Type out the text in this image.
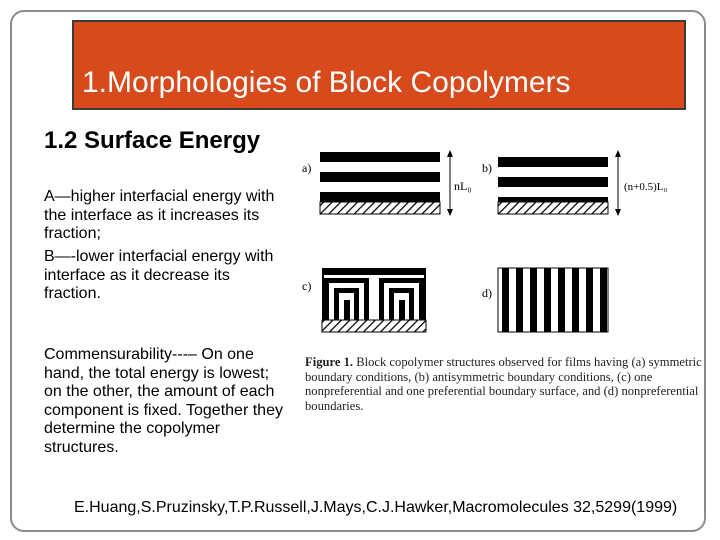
1.Morphologies of Block Copolymers
1.2 Surface Energy
A—higher interfacial energy with the interface as it increases its fraction;
B—-lower interfacial energy with interface as it decrease its fraction.
Commensurability---– On one hand, the total energy is lowest; on the other, the amount of each component is fixed. Together they determine the copolymer structures.
a)
nL₀
b)
(n+0.5)L₀
c)	d)
Figure 1. Block copolymer structures observed for films having (a) symmetric boundary conditions, (b) antisymmetric boundary conditions, (c) one nonpreferential and one preferential boundary surface, and (d) nonpreferential boundaries.
E.Huang,S.Pruzinsky,T.P.Russell,J.Mays,C.J.Hawker,Macromolecules 32,5299(1999)
